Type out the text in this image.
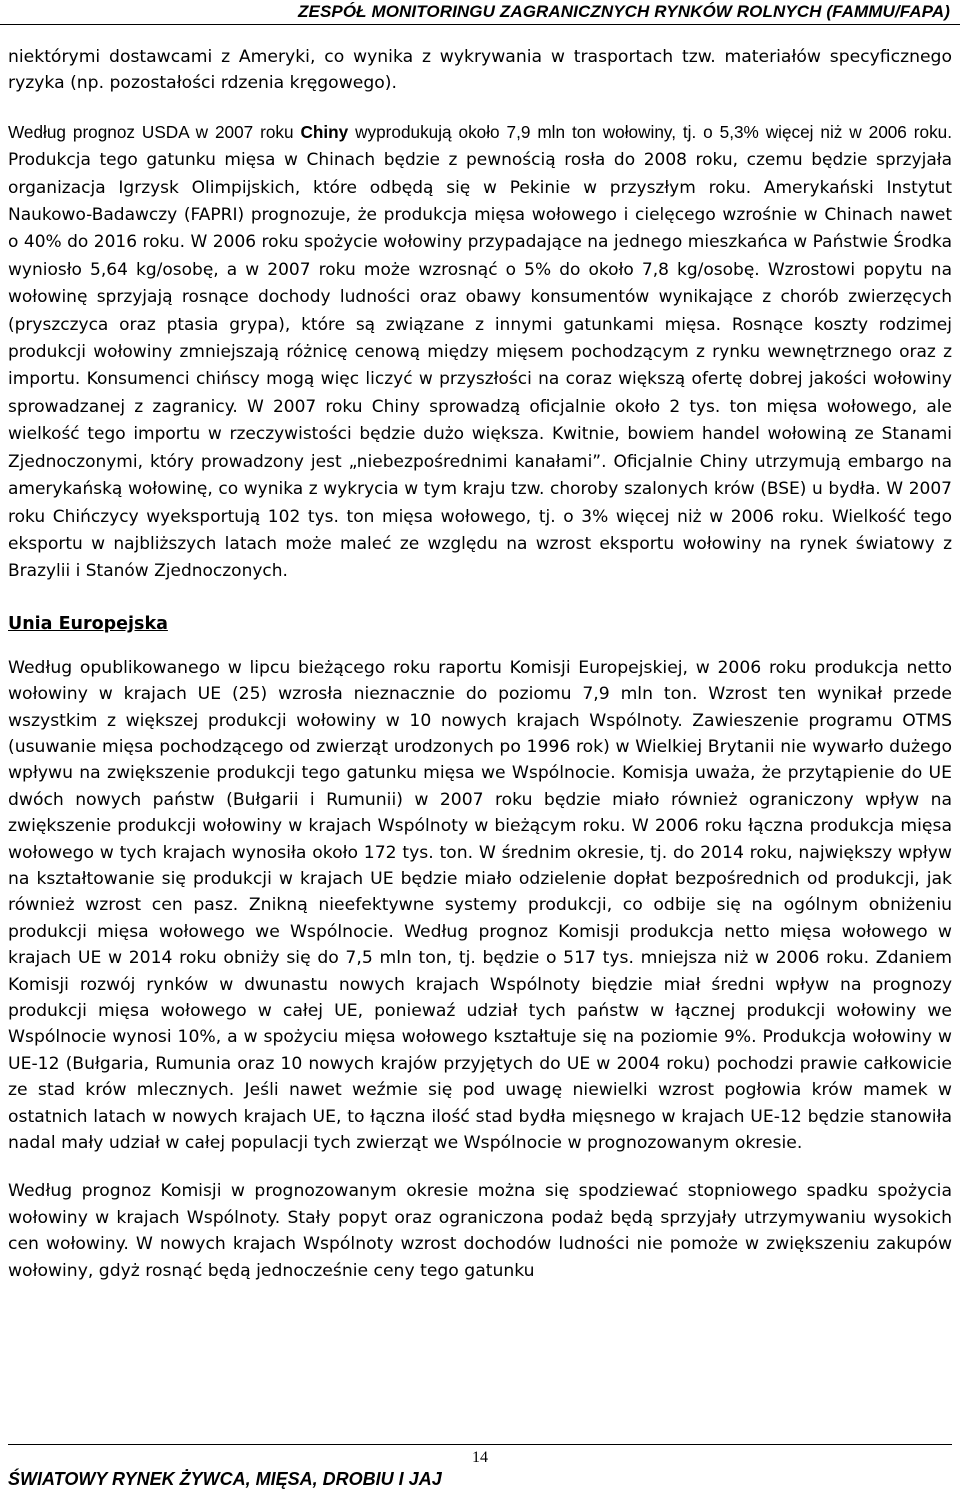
ZESPÓŁ MONITORINGU ZAGRANICZNYCH RYNKÓW ROLNYCH (FAMMU/FAPA)

niektórymi dostawcami z Ameryki, co wynika z wykrywania w trasportach tzw. materiałów specyficznego ryzyka (np. pozostałości rdzenia kręgowego).

Według prognoz USDA w 2007 roku Chiny wyprodukują około 7,9 mln ton wołowiny, tj. o 5,3% więcej niż w 2006 roku. Produkcja tego gatunku mięsa w Chinach będzie z pewnością rosła do 2008 roku, czemu będzie sprzyjała organizacja Igrzysk Olimpijskich, które odbędą się w Pekinie w przyszłym roku. Amerykański Instytut Naukowo-Badawczy (FAPRI) prognozuje, że produkcja mięsa wołowego i cielęcego wzrośnie w Chinach nawet o 40% do 2016 roku. W 2006 roku spożycie wołowiny przypadające na jednego mieszkańca w Państwie Środka wyniosło 5,64 kg/osobę, a w 2007 roku może wzrosnąć o 5% do około 7,8 kg/osobę. Wzrostowi popytu na wołowinę sprzyjają rosnące dochody ludności oraz obawy konsumentów wynikające z chorób zwierzęcych (pryszczyca oraz ptasia grypa), które są związane z innymi gatunkami mięsa. Rosnące koszty rodzimej produkcji wołowiny zmniejszają różnicę cenową między mięsem pochodzącym z rynku wewnętrznego oraz z importu. Konsumenci chińscy mogą więc liczyć w przyszłości na coraz większą ofertę dobrej jakości wołowiny sprowadzanej z zagranicy. W 2007 roku Chiny sprowadzą oficjalnie około 2 tys. ton mięsa wołowego, ale wielkość tego importu w rzeczywistości będzie dużo większa. Kwitnie, bowiem handel wołowiną ze Stanami Zjednoczonymi, który prowadzony jest „niebezpośrednimi kanałami”. Oficjalnie Chiny utrzymują embargo na amerykańską wołowinę, co wynika z wykrycia w tym kraju tzw. choroby szalonych krów (BSE) u bydła. W 2007 roku Chińczycy wyeksportują 102 tys. ton mięsa wołowego, tj. o 3% więcej niż w 2006 roku. Wielkość tego eksportu w najbliższych latach może maleć ze względu na wzrost eksportu wołowiny na rynek światowy z Brazylii i Stanów Zjednoczonych.

Unia Europejska

Według opublikowanego w lipcu bieżącego roku raportu Komisji Europejskiej, w 2006 roku produkcja netto wołowiny w krajach UE (25) wzrosła nieznacznie do poziomu 7,9 mln ton. Wzrost ten wynikał przede wszystkim z większej produkcji wołowiny w 10 nowych krajach Wspólnoty. Zawieszenie programu OTMS (usuwanie mięsa pochodzącego od zwierząt urodzonych po 1996 rok) w Wielkiej Brytanii nie wywarło dużego wpływu na zwiększenie produkcji tego gatunku mięsa we Wspólnocie. Komisja uważa, że przytąpienie do UE dwóch nowych państw (Bułgarii i Rumunii) w 2007 roku będzie miało również ograniczony wpływ na zwiększenie produkcji wołowiny w krajach Wspólnoty w bieżącym roku. W 2006 roku łączna produkcja mięsa wołowego w tych krajach wynosiła około 172 tys. ton. W średnim okresie, tj. do 2014 roku, największy wpływ na kształtowanie się produkcji w krajach UE będzie miało odzielenie dopłat bezpośrednich od produkcji, jak również wzrost cen pasz. Znikną nieefektywne systemy produkcji, co odbije się na ogólnym obniżeniu produkcji mięsa wołowego we Wspólnocie. Według prognoz Komisji produkcja netto mięsa wołowego w krajach UE w 2014 roku obniży się do 7,5 mln ton, tj. będzie o 517 tys. mniejsza niż w 2006 roku. Zdaniem Komisji rozwój rynków w dwunastu nowych krajach Wspólnoty biędzie miał średni wpływ na prognozy produkcji mięsa wołowego w całej UE, poniewaź udział tych państw w łącznej produkcji wołowiny we Wspólnocie wynosi 10%, a w spożyciu mięsa wołowego kształtuje się na poziomie 9%. Produkcja wołowiny w UE-12 (Bułgaria, Rumunia oraz 10 nowych krajów przyjętych do UE w 2004 roku) pochodzi prawie całkowicie ze stad krów mlecznych. Jeśli nawet weźmie się pod uwagę niewielki wzrost pogłowia krów mamek w ostatnich latach w nowych krajach UE, to łączna ilość stad bydła mięsnego w krajach UE-12 będzie stanowiła nadal mały udział w całej populacji tych zwierząt we Wspólnocie w prognozowanym okresie.

Według prognoz Komisji w prognozowanym okresie można się spodziewać stopniowego spadku spożycia wołowiny w krajach Wspólnoty. Stały popyt oraz ograniczona podaż będą sprzyjały utrzymywaniu wysokich cen wołowiny. W nowych krajach Wspólnoty wzrost dochodów ludności nie pomoże w zwiększeniu zakupów wołowiny, gdyż rosnąć będą jednocześnie ceny tego gatunku

14
ŚWIATOWY RYNEK ŻYWCA, MIĘSA, DROBIU I JAJ
